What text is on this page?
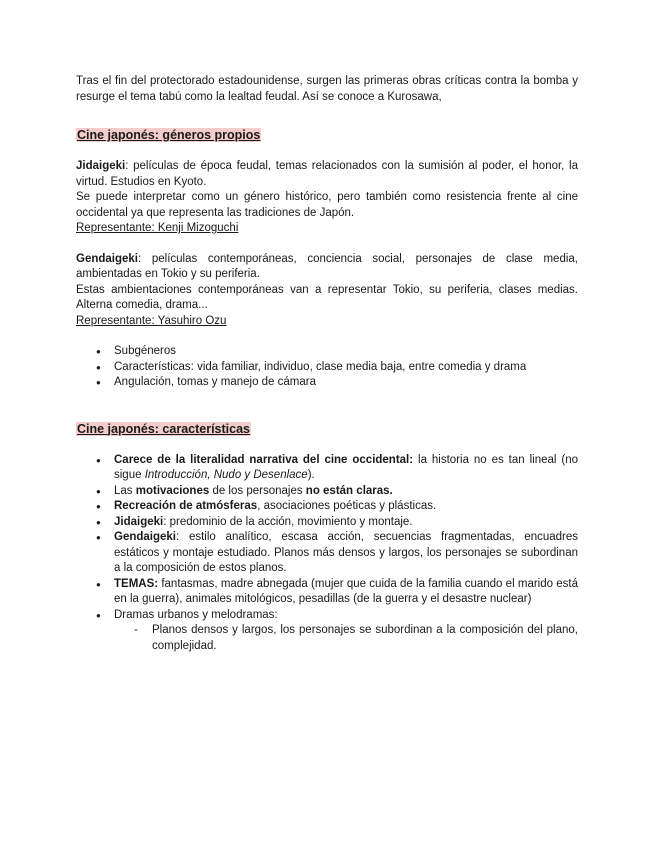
Tras el fin del protectorado estadounidense, surgen las primeras obras críticas contra la bomba y resurge el tema tabú como la lealtad feudal. Así se conoce a Kurosawa,

Cine japonés: géneros propios

Jidaigeki: películas de época feudal, temas relacionados con la sumisión al poder, el honor, la virtud. Estudios en Kyoto.

Se puede interpretar como un género histórico, pero también como resistencia frente al cine occidental ya que representa las tradiciones de Japón.

Representante: Kenji Mizoguchi

Gendaigeki: películas contemporáneas, conciencia social, personajes de clase media, ambientadas en Tokio y su periferia.

Estas ambientaciones contemporáneas van a representar Tokio, su periferia, clases medias. Alterna comedia, drama...

Representante: Yasuhiro Ozu

● Subgéneros
● Características: vida familiar, individuo, clase media baja, entre comedia y drama
● Angulación, tomas y manejo de cámara
Cine japonés: características
● Carece de la literalidad narrativa del cine occidental: la historia no es tan lineal (no sigue Introducción, Nudo y Desenlace).
● Las motivaciones de los personajes no están claras.
● Recreación de atmósferas, asociaciones poéticas y plásticas.
● Jidaigeki: predominio de la acción, movimiento y montaje.
● Gendaigeki: estilo analítico, escasa acción, secuencias fragmentadas, encuadres estáticos y montaje estudiado. Planos más densos y largos, los personajes se subordinan a la composición de estos planos.
● TEMAS: fantasmas, madre abnegada (mujer que cuida de la familia cuando el marido está en la guerra), animales mitológicos, pesadillas (de la guerra y el desastre nuclear)
● Dramas urbanos y melodramas:
- Planos densos y largos, los personajes se subordinan a la composición del plano, complejidad.
